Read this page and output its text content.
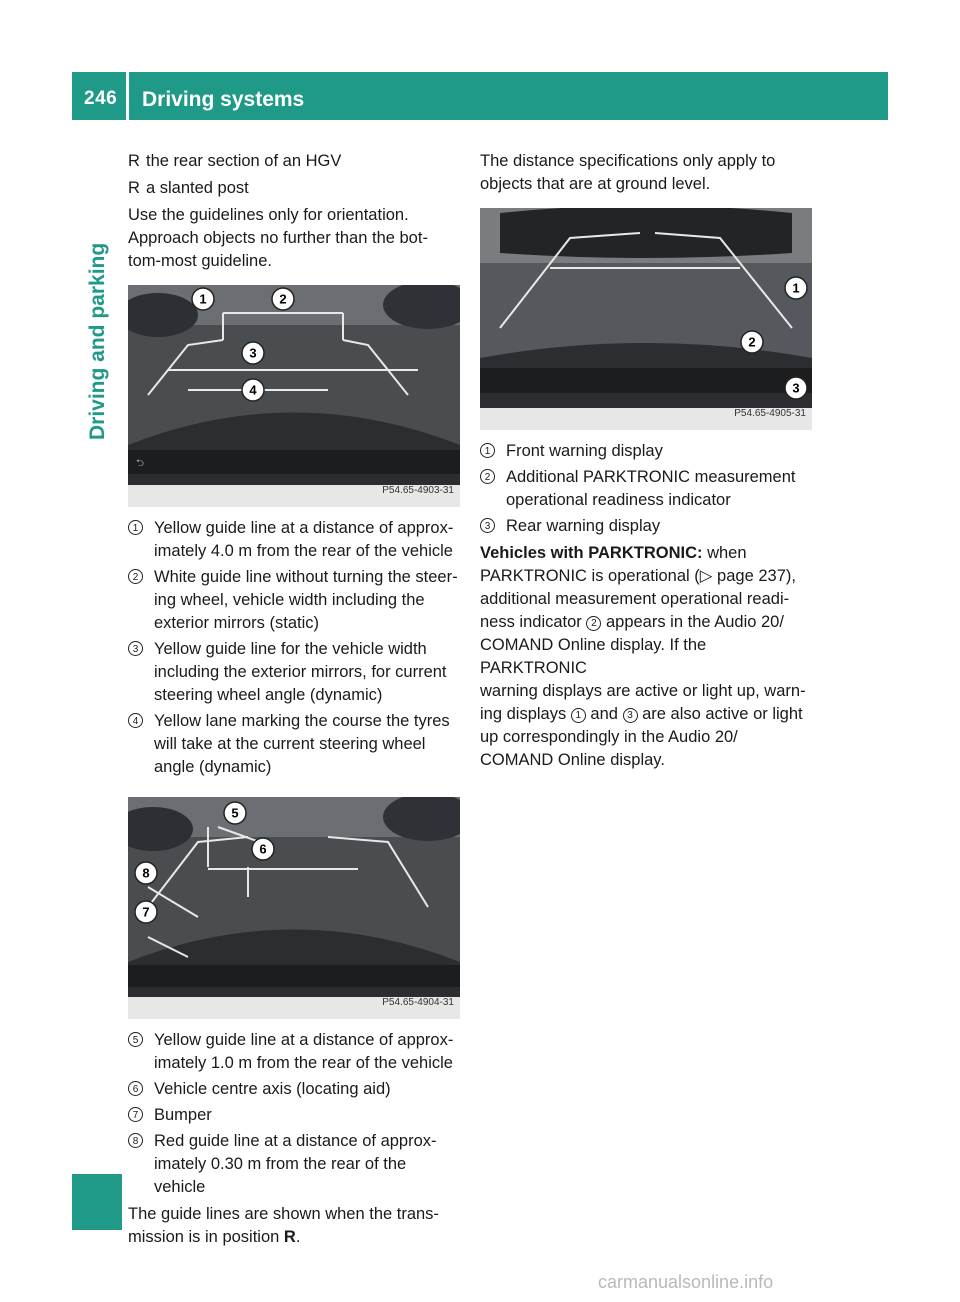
246 Driving systems
Driving and parking
R the rear section of an HGV
R a slanted post
Use the guidelines only for orientation.
Approach objects no further than the bot-
tom-most guideline.
⮌
1	2
3
4
P54.65-4903-31
1 Yellow guide line at a distance of approx-
imately 4.0 m from the rear of the vehicle
2 White guide line without turning the steer-
ing wheel, vehicle width including the
exterior mirrors (static)
3 Yellow guide line for the vehicle width
including the exterior mirrors, for current
steering wheel angle (dynamic)
4 Yellow lane marking the course the tyres
will take at the current steering wheel
angle (dynamic)
5
6
8
7
P54.65-4904-31
5 Yellow guide line at a distance of approx-
imately 1.0 m from the rear of the vehicle
6 Vehicle centre axis (locating aid)
7 Bumper
8 Red guide line at a distance of approx-
imately 0.30 m from the rear of the vehicle
The guide lines are shown when the trans-
mission is in position R.
The distance specifications only apply to
objects that are at ground level.
1
2
3
P54.65-4905-31
1 Front warning display
2 Additional PARKTRONIC measurement
operational readiness indicator
3 Rear warning display
Vehicles with PARKTRONIC: when
PARKTRONIC is operational (▷ page 237),
additional measurement operational readi-
ness indicator 2 appears in the Audio 20/
COMAND Online display. If the PARKTRONIC
warning displays are active or light up, warn-
ing displays 1 and 3 are also active or light
up correspondingly in the Audio 20/
COMAND Online display.
carmanualsonline.info
